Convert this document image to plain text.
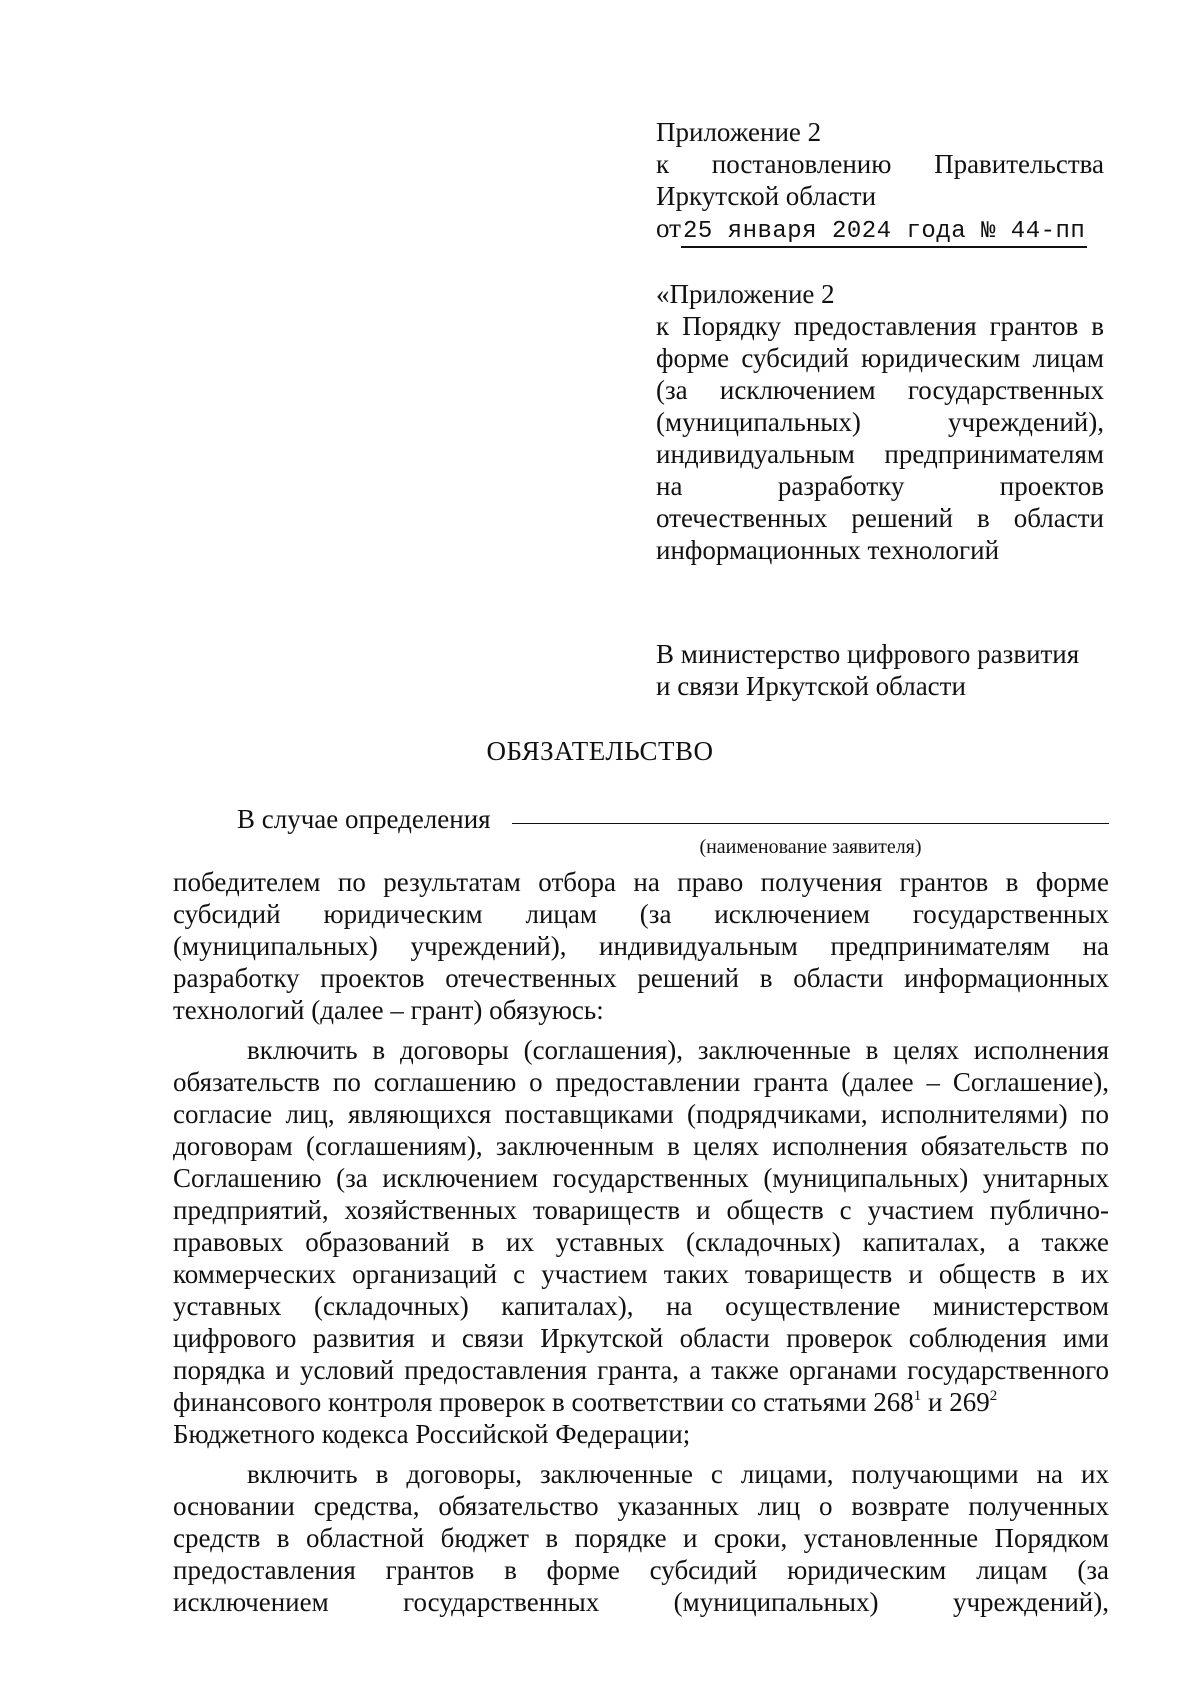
Приложение 2
к постановлению Правительства
Иркутской области
от25 января 2024 года № 44-пп
«Приложение 2
к Порядку предоставления грантов в
форме субсидий юридическим лицам
(за исключением государственных
(муниципальных) учреждений),
индивидуальным предпринимателям
на разработку проектов
отечественных решений в области
информационных технологий
В министерство цифрового развития
и связи Иркутской области
ОБЯЗАТЕЛЬСТВО
В случае определения
(наименование заявителя)
победителем по результатам отбора на право получения грантов в форме
субсидий юридическим лицам (за исключением государственных
(муниципальных) учреждений), индивидуальным предпринимателям на
разработку проектов отечественных решений в области информационных
технологий (далее – грант) обязуюсь:
включить в договоры (соглашения), заключенные в целях исполнения
обязательств по соглашению о предоставлении гранта (далее – Соглашение),
согласие лиц, являющихся поставщиками (подрядчиками, исполнителями) по
договорам (соглашениям), заключенным в целях исполнения обязательств по
Соглашению (за исключением государственных (муниципальных) унитарных
предприятий, хозяйственных товариществ и обществ с участием публично-
правовых образований в их уставных (складочных) капиталах, а также
коммерческих организаций с участием таких товариществ и обществ в их
уставных (складочных) капиталах), на осуществление министерством
цифрового развития и связи Иркутской области проверок соблюдения ими
порядка и условий предоставления гранта, а также органами государственного
финансового контроля проверок в соответствии со статьями $268^1$ и $269^2$
Бюджетного кодекса Российской Федерации;
включить в договоры, заключенные с лицами, получающими на их
основании средства, обязательство указанных лиц о возврате полученных
средств в областной бюджет в порядке и сроки, установленные Порядком
предоставления грантов в форме субсидий юридическим лицам (за
исключением государственных (муниципальных) учреждений),
